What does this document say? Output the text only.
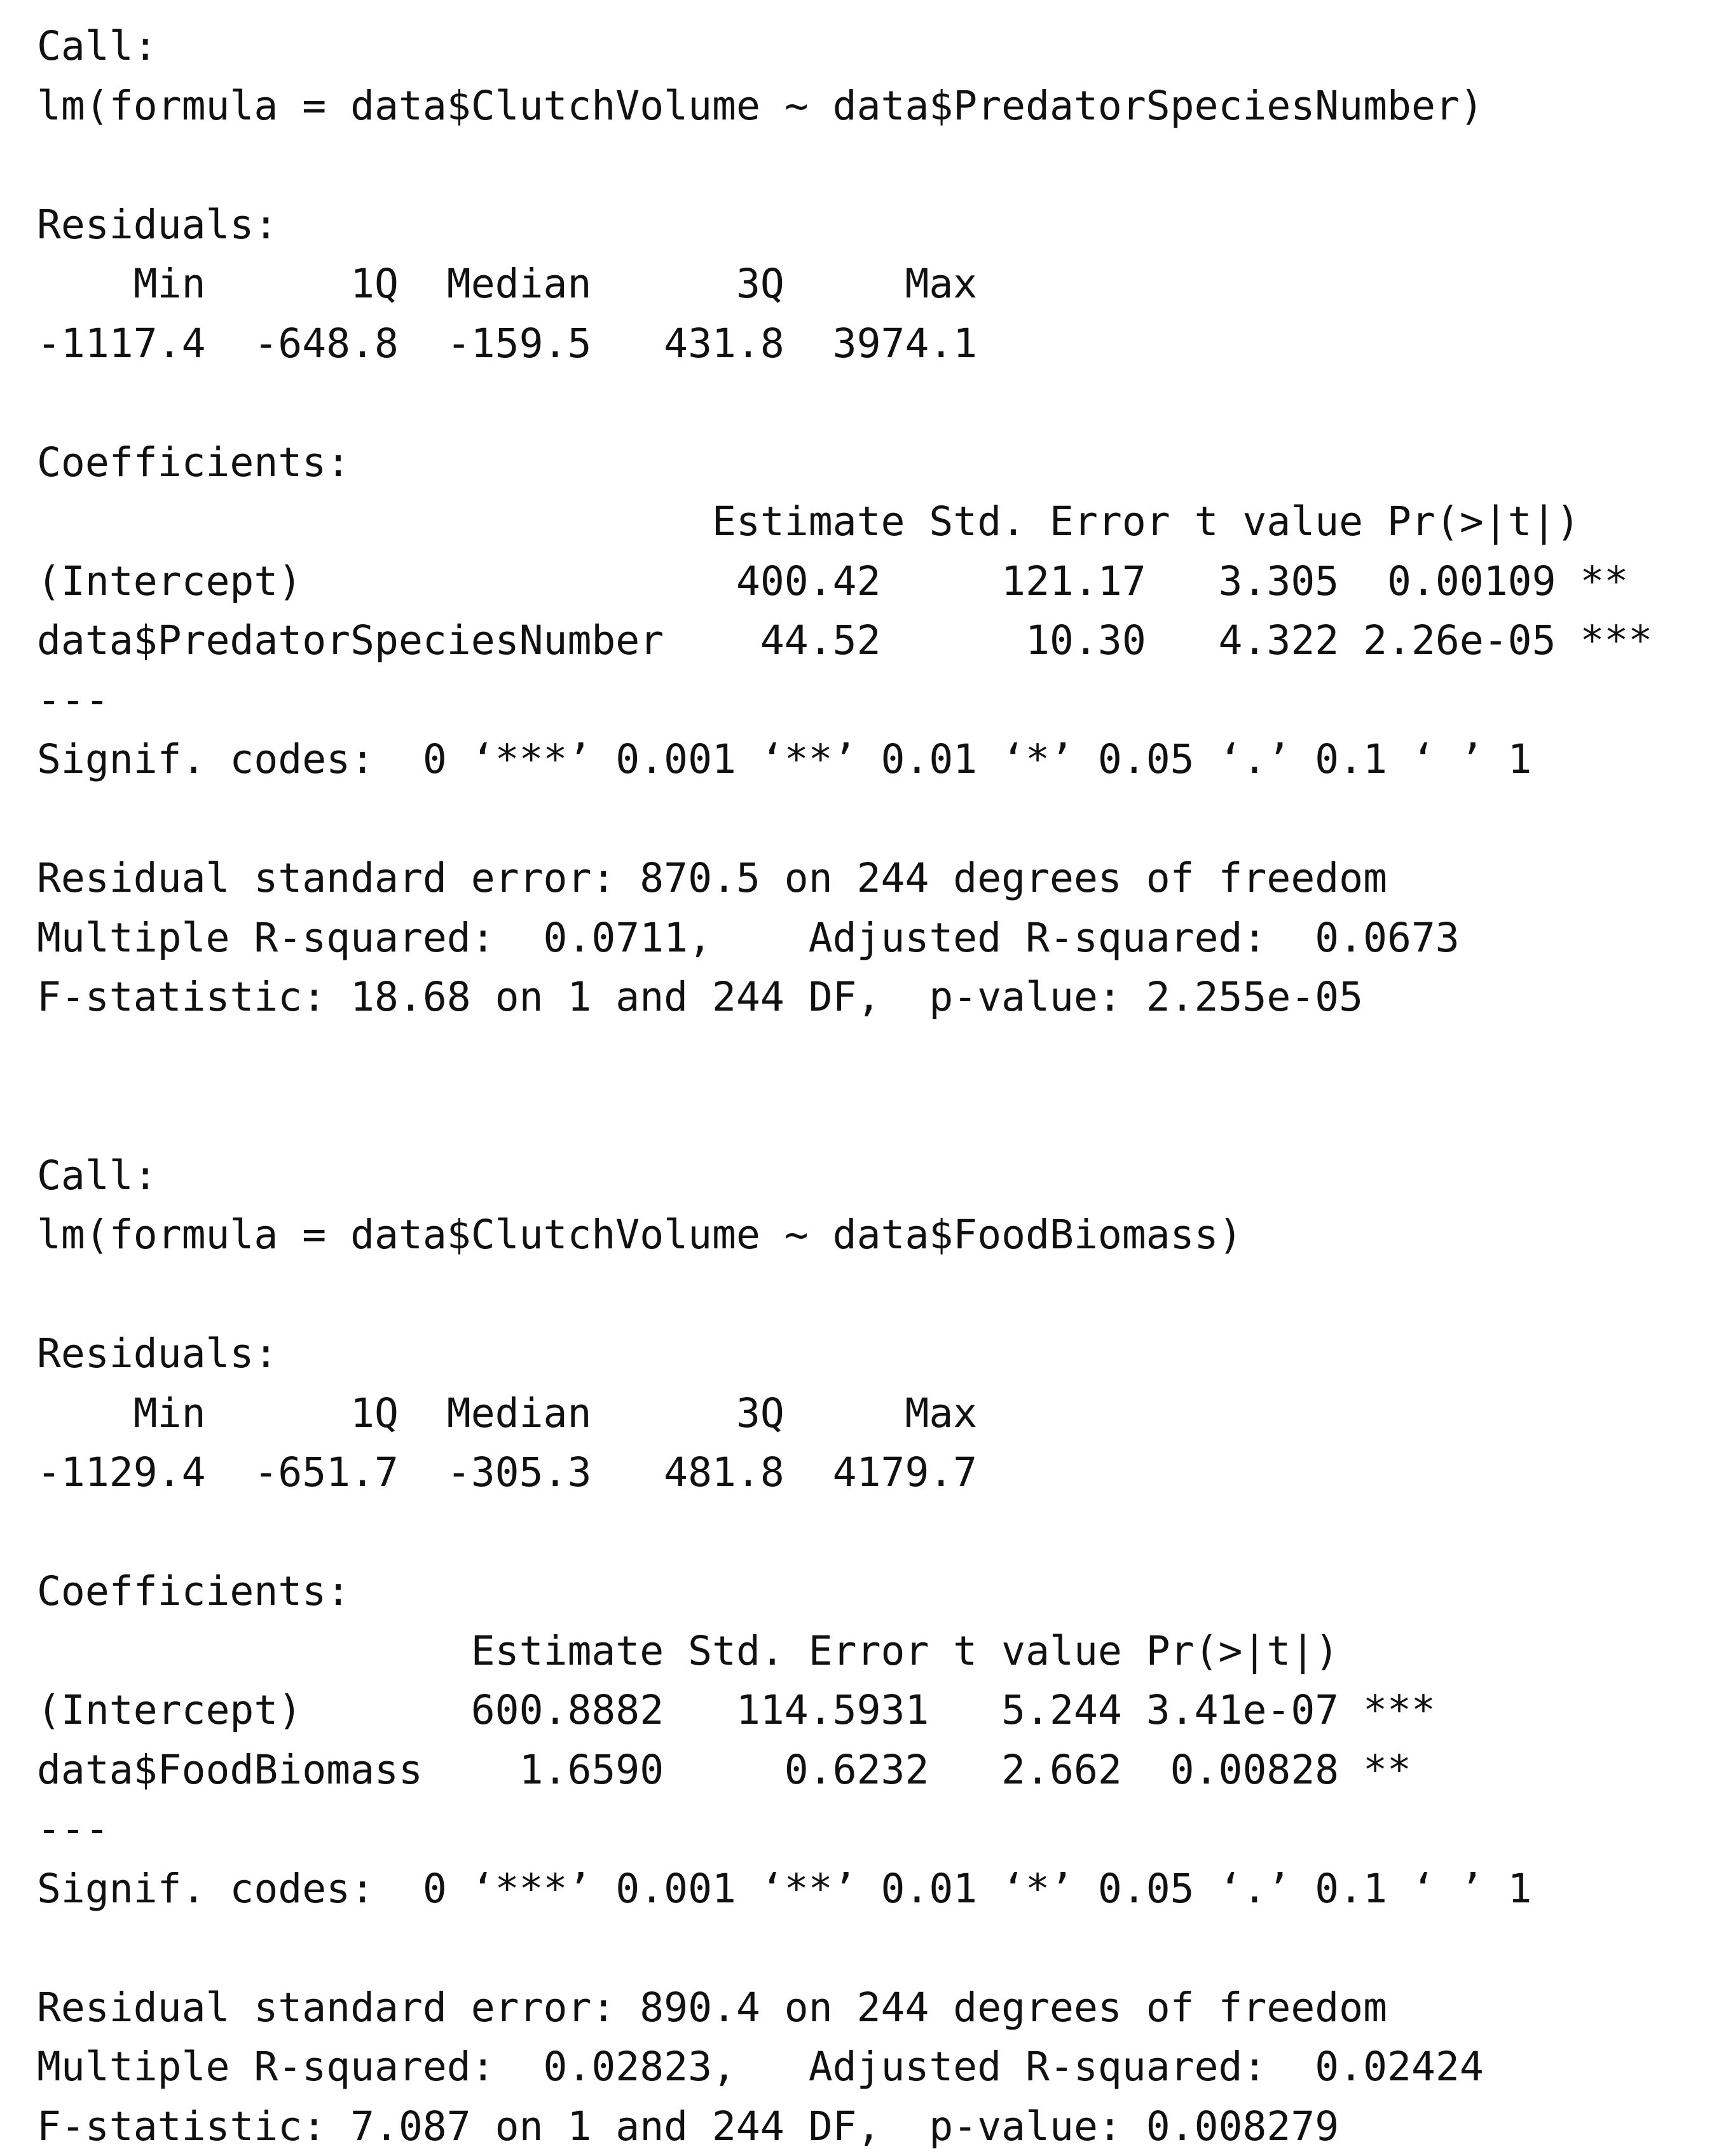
Call:
lm(formula = data$ClutchVolume ~ data$PredatorSpeciesNumber)
Residuals:
Min      1Q  Median      3Q     Max
-1117.4  -648.8  -159.5   431.8  3974.1
Coefficients:
Estimate Std. Error t value Pr(>|t|)
(Intercept)                  400.42     121.17   3.305  0.00109 **
data$PredatorSpeciesNumber    44.52      10.30   4.322 2.26e-05 ***
---
Signif. codes:  0 ‘***’ 0.001 ‘**’ 0.01 ‘*’ 0.05 ‘.’ 0.1 ‘ ’ 1
Residual standard error: 870.5 on 244 degrees of freedom
Multiple R-squared:  0.0711,    Adjusted R-squared:  0.0673
F-statistic: 18.68 on 1 and 244 DF,  p-value: 2.255e-05
Call:
lm(formula = data$ClutchVolume ~ data$FoodBiomass)
Residuals:
Min      1Q  Median      3Q     Max
-1129.4  -651.7  -305.3   481.8  4179.7
Coefficients:
Estimate Std. Error t value Pr(>|t|)
(Intercept)       600.8882   114.5931   5.244 3.41e-07 ***
data$FoodBiomass    1.6590     0.6232   2.662  0.00828 **
---
Signif. codes:  0 ‘***’ 0.001 ‘**’ 0.01 ‘*’ 0.05 ‘.’ 0.1 ‘ ’ 1
Residual standard error: 890.4 on 244 degrees of freedom
Multiple R-squared:  0.02823,   Adjusted R-squared:  0.02424
F-statistic: 7.087 on 1 and 244 DF,  p-value: 0.008279
